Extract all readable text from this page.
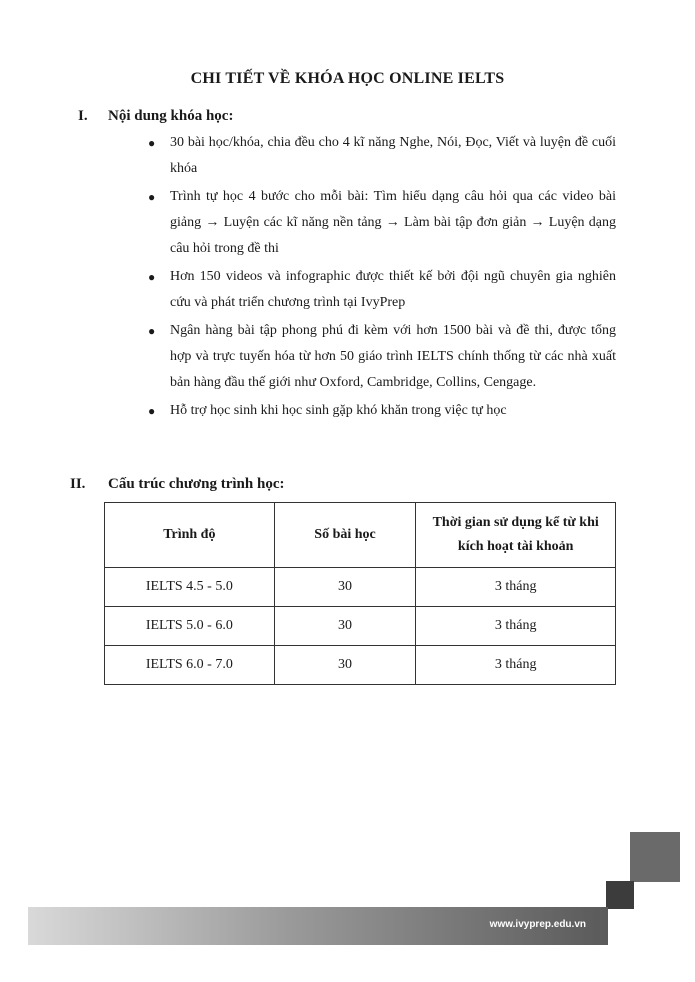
CHI TIẾT VỀ KHÓA HỌC ONLINE IELTS
I. Nội dung khóa học:
● 30 bài học/khóa, chia đều cho 4 kĩ năng Nghe, Nói, Đọc, Viết và luyện đề cuối khóa
● Trình tự học 4 bước cho mỗi bài: Tìm hiểu dạng câu hỏi qua các video bài giảng → Luyện các kĩ năng nền tảng → Làm bài tập đơn giản → Luyện dạng câu hỏi trong đề thi
● Hơn 150 videos và infographic được thiết kế bởi đội ngũ chuyên gia nghiên cứu và phát triển chương trình tại IvyPrep
● Ngân hàng bài tập phong phú đi kèm với hơn 1500 bài và đề thi, được tổng hợp và trực tuyến hóa từ hơn 50 giáo trình IELTS chính thống từ các nhà xuất bản hàng đầu thế giới như Oxford, Cambridge, Collins, Cengage.
● Hỗ trợ học sinh khi học sinh gặp khó khăn trong việc tự học
II. Cấu trúc chương trình học:
Trình độ	Số bài học	Thời gian sử dụng kể từ khi kích hoạt tài khoản
IELTS 4.5 - 5.0	30	3 tháng
IELTS 5.0 - 6.0	30	3 tháng
IELTS 6.0 - 7.0	30	3 tháng
www.ivyprep.edu.vn
